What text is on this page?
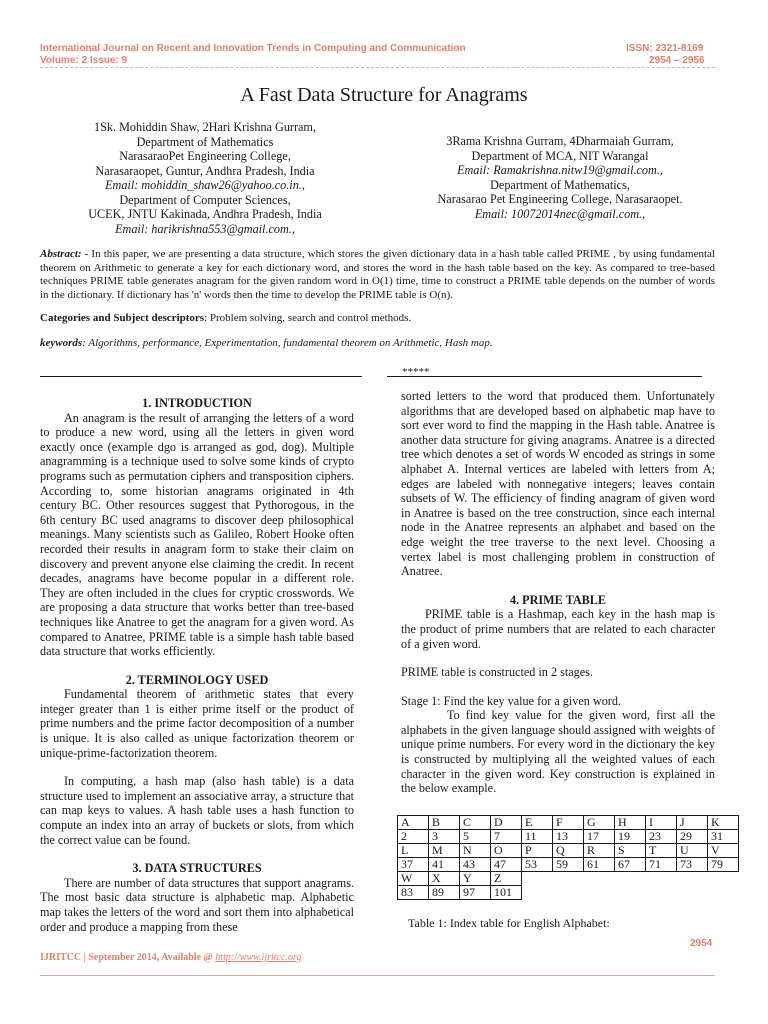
International Journal on Recent and Innovation Trends in Computing and Communication
Volume: 2 Issue: 9
ISSN: 2321-8169
2954 – 2956
A Fast Data Structure for Anagrams
1Sk. Mohiddin Shaw, 2Hari Krishna Gurram,
Department of Mathematics
NarasaraoPet Engineering College,
Narasaraopet, Guntur, Andhra Pradesh, India
Email: mohiddin_shaw26@yahoo.co.in.,
Department of Computer Sciences,
UCEK, JNTU Kakinada, Andhra Pradesh, India
Email: harikrishna553@gmail.com.,
3Rama Krishna Gurram, 4Dharmaiah Gurram,
Department of MCA, NIT Warangal
Email: Ramakrishna.nitw19@gmail.com.,
Department of Mathematics,
Narasarao Pet Engineering College, Narasaraopet.
Email: 10072014nec@gmail.com.,
Abstract: - In this paper, we are presenting a data structure, which stores the given dictionary data in a hash table called PRIME , by using fundamental theorem on Arithmetic to generate a key for each dictionary word, and stores the word in the hash table based on the key. As compared to tree-based techniques PRIME table generates anagram for the given random word in O(1) time, time to construct a PRIME table depends on the number of words in the dictionary. If dictionary has 'n' words then the time to develop the PRIME table is O(n).
Categories and Subject descriptors: Problem solving, search and control methods.
keywords: Algorithms, performance, Experimentation, fundamental theorem on Arithmetic, Hash map.
*****

1. INTRODUCTION

An anagram is the result of arranging the letters of a word to produce a new word, using all the letters in given word exactly once (example dgo is arranged as god, dog). Multiple anagramming is a technique used to solve some kinds of crypto programs such as permutation ciphers and transposition ciphers. According to, some historian anagrams originated in 4th century BC. Other resources suggest that Pythorogous, in the 6th century BC used anagrams to discover deep philosophical meanings. Many scientists such as Galileo, Robert Hooke often recorded their results in anagram form to stake their claim on discovery and prevent anyone else claiming the credit. In recent decades, anagrams have become popular in a different role. They are often included in the clues for cryptic crosswords. We are proposing a data structure that works better than tree-based techniques like Anatree to get the anagram for a given word. As compared to Anatree, PRIME table is a simple hash table based data structure that works efficiently.

2. TERMINOLOGY USED

Fundamental theorem of arithmetic states that every integer greater than 1 is either prime itself or the product of prime numbers and the prime factor decomposition of a number is unique. It is also called as unique factorization theorem or unique-prime-factorization theorem.

In computing, a hash map (also hash table) is a data structure used to implement an associative array, a structure that can map keys to values. A hash table uses a hash function to compute an index into an array of buckets or slots, from which the correct value can be found.

3. DATA STRUCTURES

There are number of data structures that support anagrams. The most basic data structure is alphabetic map. Alphabetic map takes the letters of the word and sort them into alphabetical order and produce a mapping from these

sorted letters to the word that produced them. Unfortunately algorithms that are developed based on alphabetic map have to sort ever word to find the mapping in the Hash table. Anatree is another data structure for giving anagrams. Anatree is a directed tree which denotes a set of words W encoded as strings in some alphabet A. Internal vertices are labeled with letters from A; edges are labeled with nonnegative integers; leaves contain subsets of W. The efficiency of finding anagram of given word in Anatree is based on the tree construction, since each internal node in the Anatree represents an alphabet and based on the edge weight the tree traverse to the next level. Choosing a vertex label is most challenging problem in construction of Anatree.

4. PRIME TABLE

PRIME table is a Hashmap, each key in the hash map is the product of prime numbers that are related to each character of a given word.

PRIME table is constructed in 2 stages.

Stage 1: Find the key value for a given word.

To find key value for the given word, first all the alphabets in the given language should assigned with weights of unique prime numbers. For every word in the dictionary the key is constructed by multiplying all the weighted values of each character in the given word. Key construction is explained in the below example.

A	B	C	D	E	F	G	H	I	J	K
2	3	5	7	11	13	17	19	23	29	31
L	M	N	O	P	Q	R	S	T	U	V
37	41	43	47	53	59	61	67	71	73	79
W	X	Y	Z							
83	89	97	101							
Table 1: Index table for English Alphabet:
2954
IJRITCC | September 2014, Available @ http://www.ijritcc.org
